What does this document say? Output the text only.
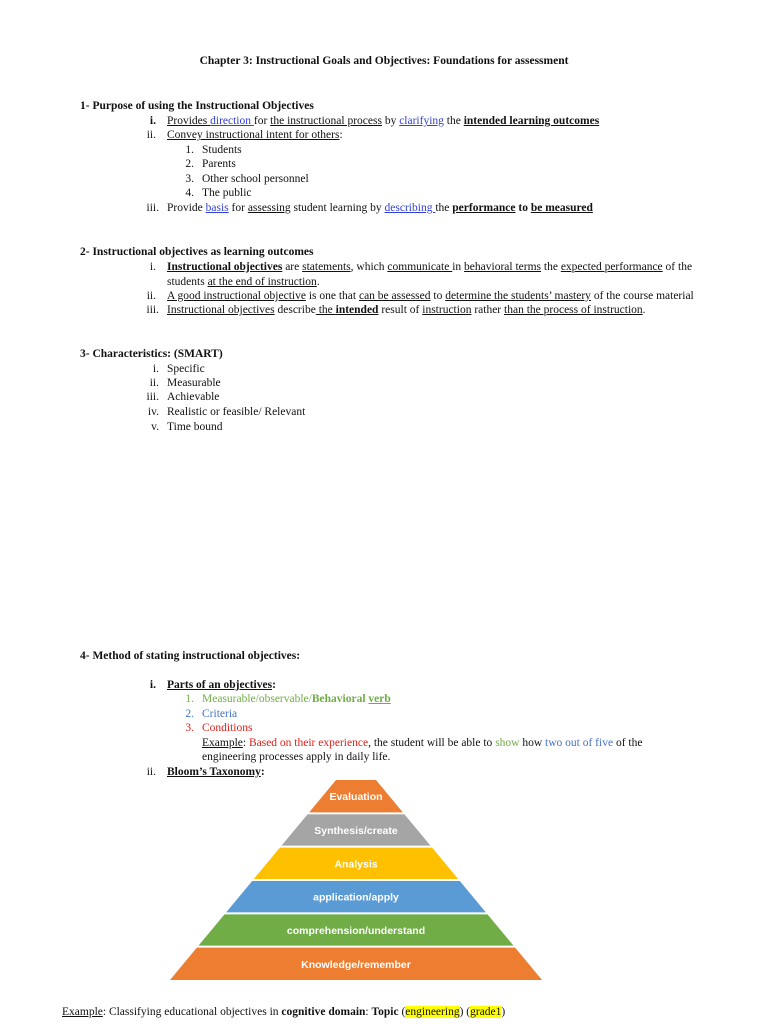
Chapter 3: Instructional Goals and Objectives: Foundations for assessment
1- Purpose of using the Instructional Objectives
i. Provides direction for the instructional process by clarifying the intended learning outcomes
ii. Convey instructional intent for others:
1. Students
2. Parents
3. Other school personnel
4. The public
iii. Provide basis for assessing student learning by describing the performance to be measured
2- Instructional objectives as learning outcomes
i. Instructional objectives are statements, which communicate in behavioral terms the expected performance of the
students at the end of instruction.
ii. A good instructional objective is one that can be assessed to determine the students’ mastery of the course material
iii. Instructional objectives describe the intended result of instruction rather than the process of instruction.
3- Characteristics: (SMART)
i. Specific
ii. Measurable
iii. Achievable
iv. Realistic or feasible/ Relevant
v. Time bound
4- Method of stating instructional objectives:
i. Parts of an objectives:
1. Measurable/observable/Behavioral verb
2. Criteria
3. Conditions
Example: Based on their experience, the student will be able to show how two out of five of the
engineering processes apply in daily life.
ii. Bloom’s Taxonomy:
Evaluation
Synthesis/create
Analysis
application/apply
comprehension/understand
Knowledge/remember
Example: Classifying educational objectives in cognitive domain: Topic (engineering) (grade1)
